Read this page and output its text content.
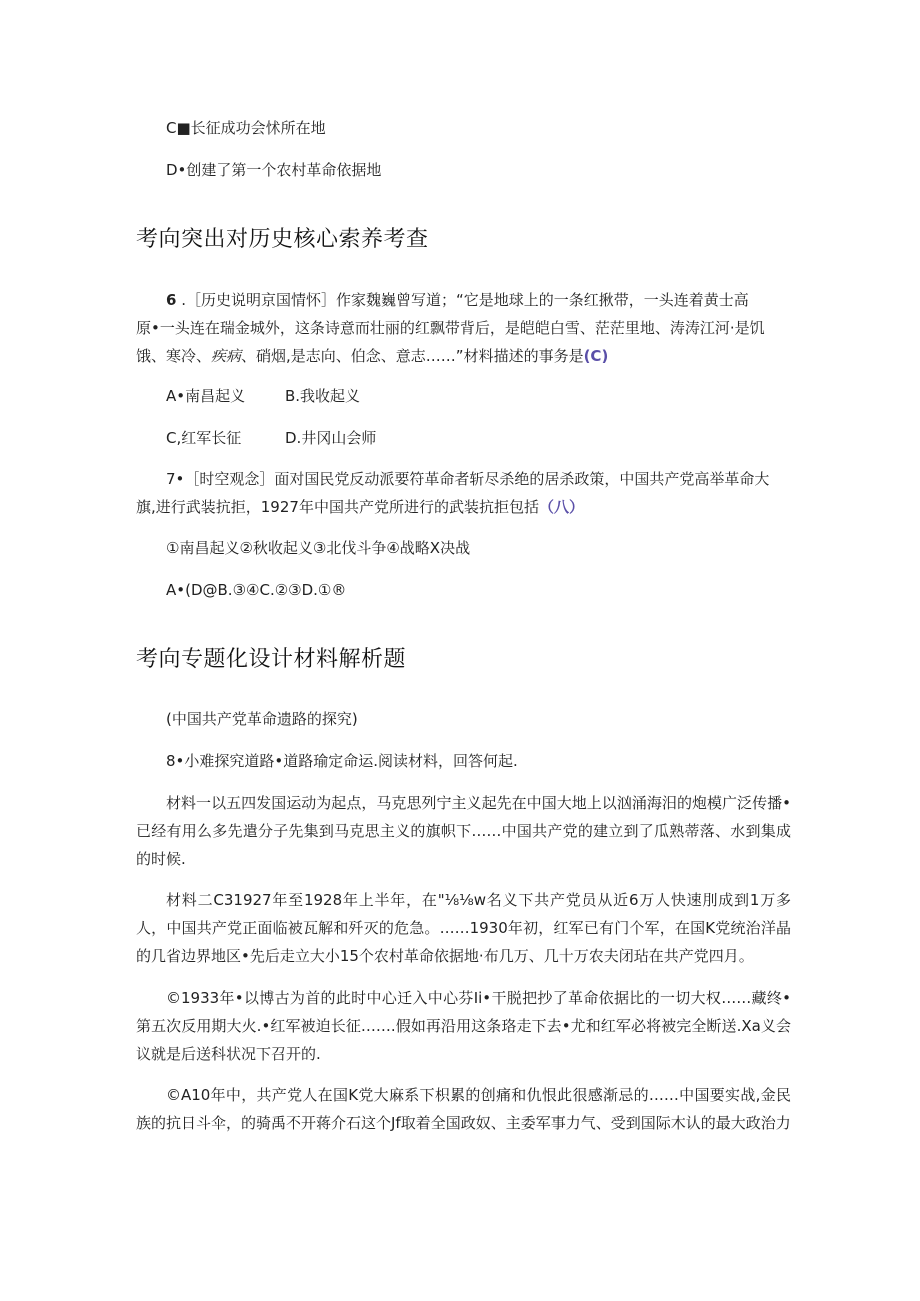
C■长征成功会怵所在地
D•创建了第一个农村革命依据地
考向突出对历史核心索养考查
6 .［历史说明京国情怀］作家魏巍曾写道；“它是地球上的一条红揪带，一头连着黄士高
原•一头连在瑞金城外，这条诗意而壮丽的红飘带背后，是皑皑白雪、茫茫里地、涛涛江河·是饥
饿、寒冷、疾病、硝烟,是志向、伯念、意志……”材料描述的事务是(C)
A•南昌起义	B.我收起义
C,红军长征	D.井冈山会师
7•［时空观念］面对国民党反动派要符革命者斩尽杀绝的居杀政策，中国共产党高举革命大
旗,进行武装抗拒，1927年中国共产党所进行的武装抗拒包括（八）
①南昌起义②秋收起义③北伐斗争④战略X决战
A•(D@B.③④C.②③D.①®
考向专题化设计材料解析题
(中国共产党革命遗路的探究)
8•小难探究道路•道路瑜定命运.阅读材料，回答何起.
材料一以五四发国运动为起点，马克思列宁主义起先在中国大地上以汹涌海汨的炮模广泛传播•已经有用么多先遣分子先集到马克思主义的旗帜下……中国共产党的建立到了瓜熟蒂落、水到集成的时候.
材料二C31927年至1928年上半年，在"⅛⅛w名义下共产党员从近6万人快速刖成到1万多人，中国共产党正面临被瓦解和歼灭的危急。……1930年初，红军已有门个军，在国K党统治洋晶的几省边界地区•先后走立大小15个农村革命依据地·布几万、几十万农夫闭玷在共产党四月。
©1933年•以博古为首的此时中心迁入中心芬Ii•干脱把抄了革命依据比的一切大权……藏终•第五次反用期大火.•红军被迫长征…….假如再沿用这条珞走下去•尤和红军必将被完全断送.Xa义会议就是后送科状况下召开的.
©A10年中，共产党人在国K党大麻系下枳累的创痛和仇恨此很感渐忌的……中国要实战,金民族的抗日斗伞，的骑禹不开蒋介石这个Jf取着全国政奴、主委军事力气、受到国际木认的最大政治力
